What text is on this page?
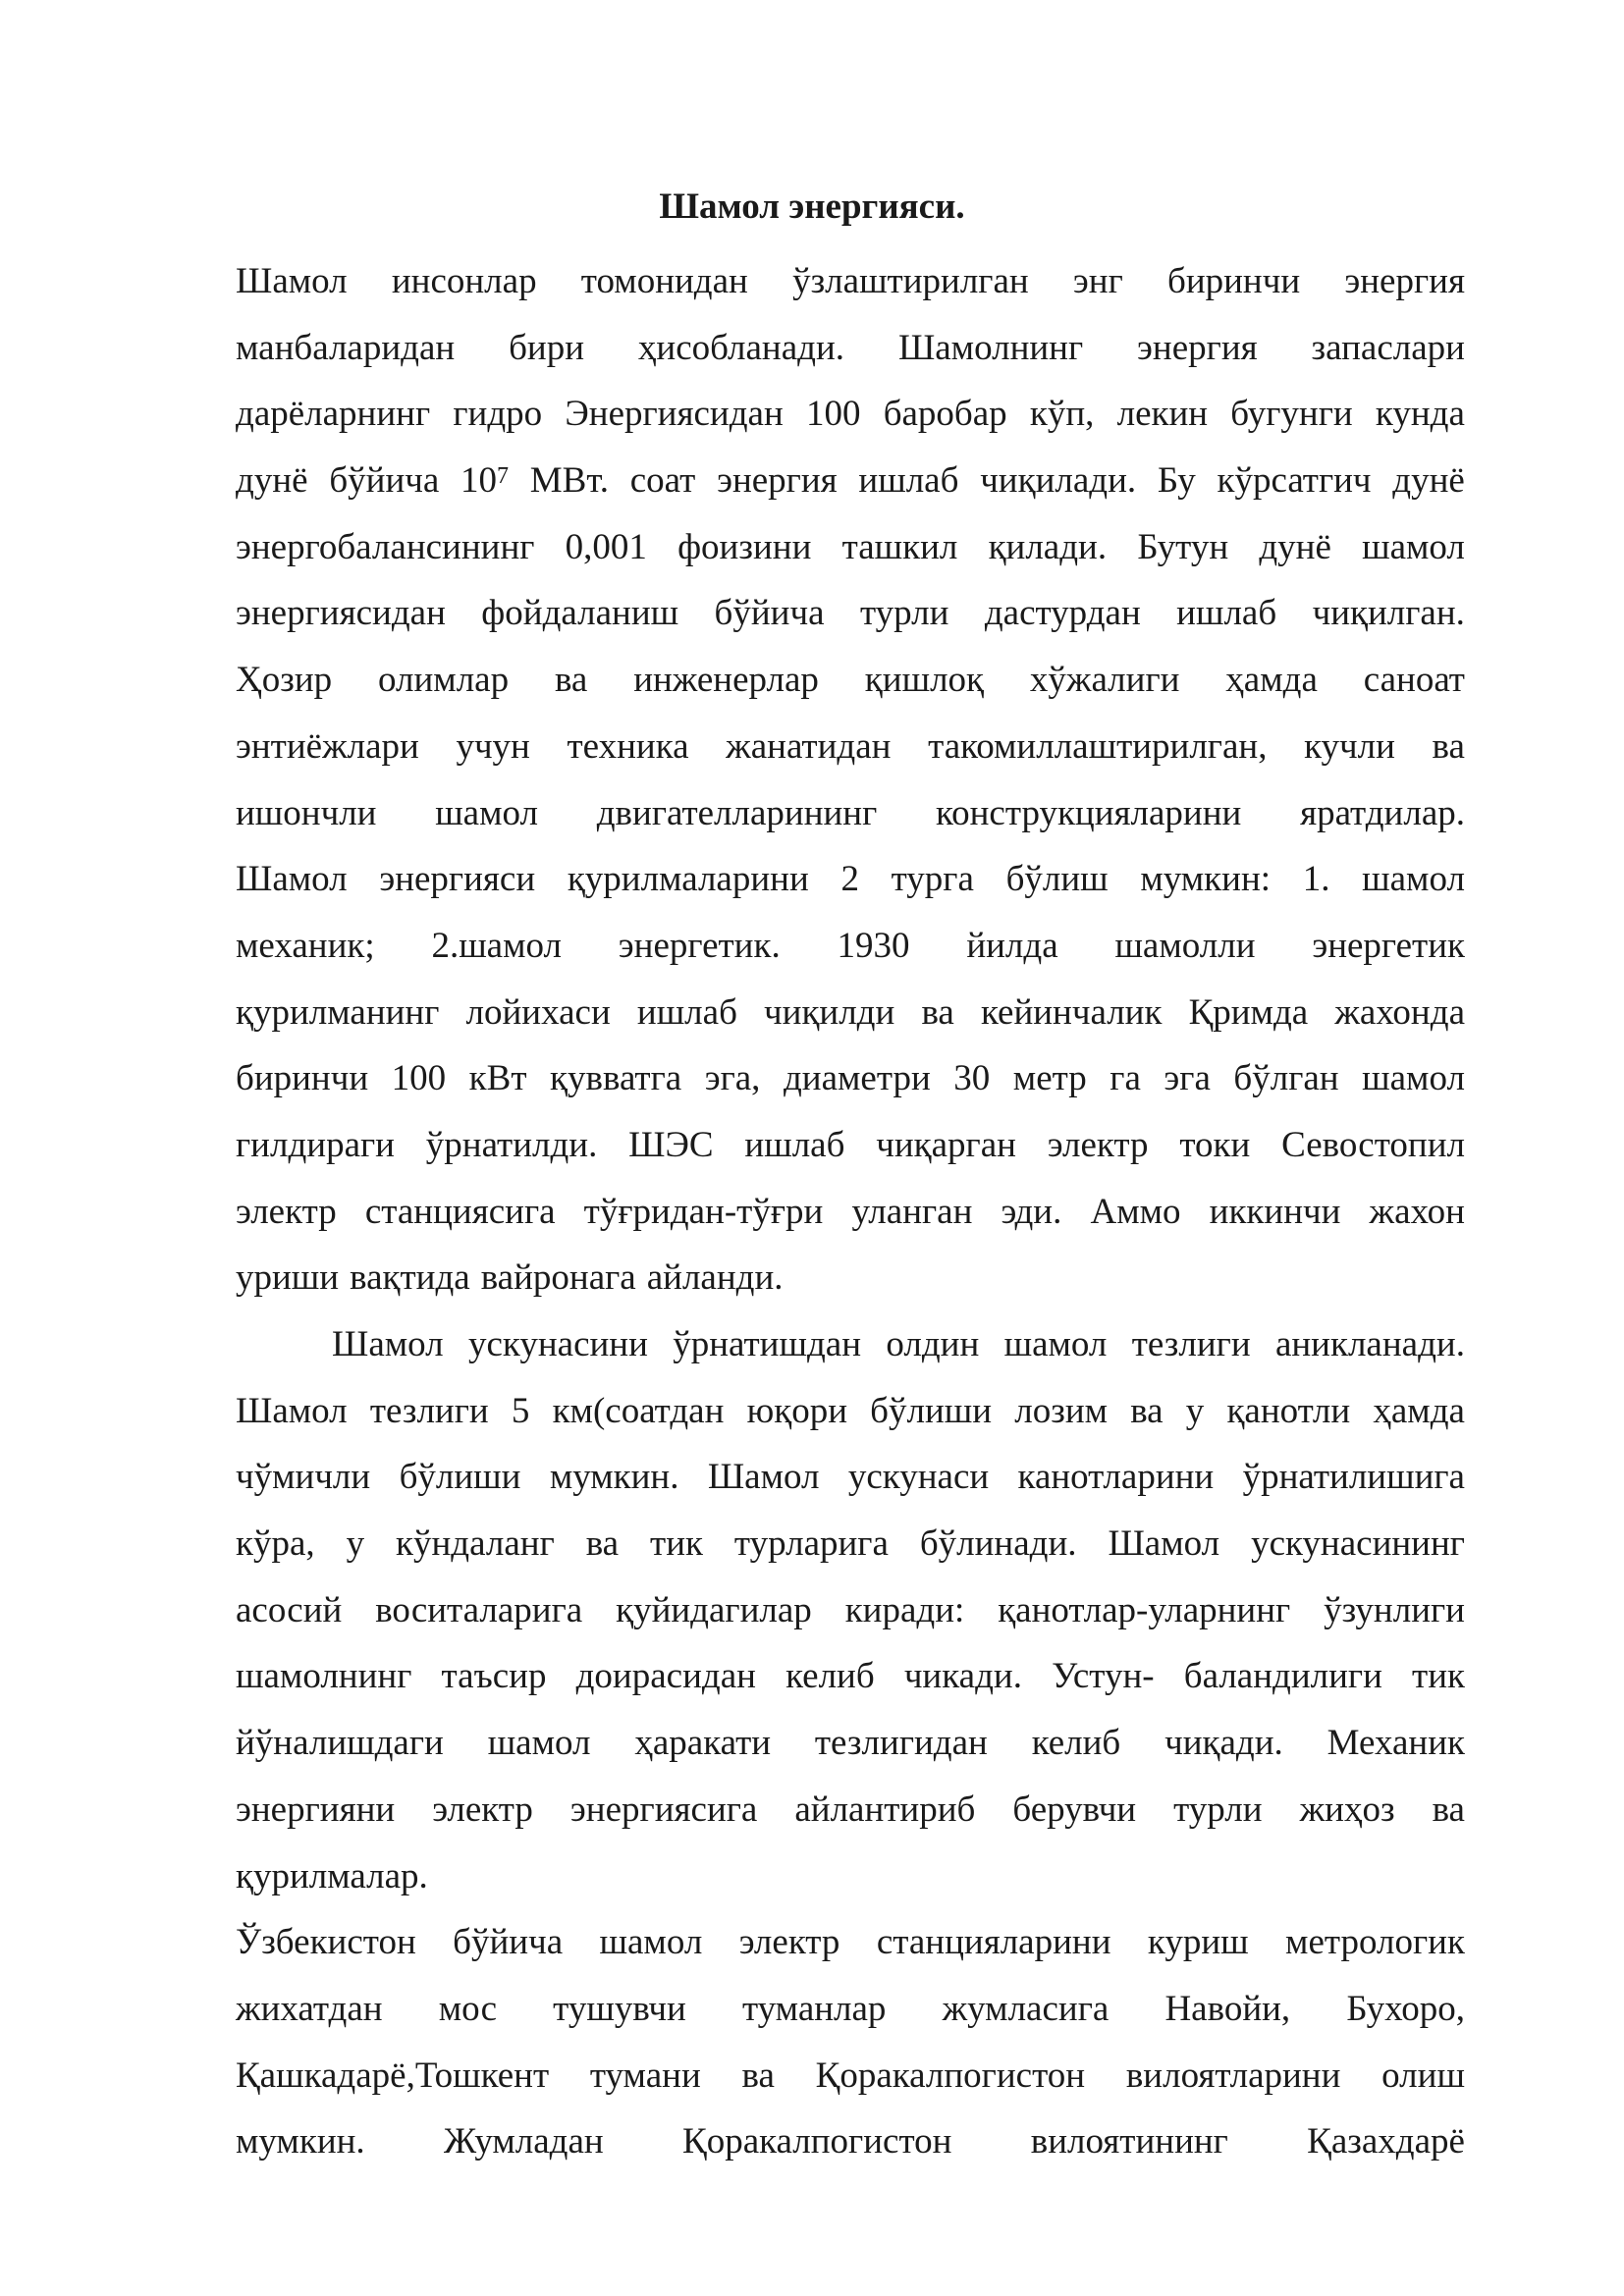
Шамол энергияси.
Шамол инсонлар томонидан ўзлаштирилган энг биринчи энергия
манбаларидан бири ҳисобланади. Шамолнинг энергия запаслари
дарёларнинг гидро Энергиясидан 100 баробар кўп, лекин бугунги кунда
дунё бўйича $10^7$ МВт. соат энергия ишлаб чиқилади. Бу кўрсатгич дунё
энергобалансининг 0,001 фоизини ташкил қилади. Бутун дунё шамол
энергиясидан фойдаланиш бўйича турли дастурдан ишлаб чиқилган.
Ҳозир олимлар ва инженерлар қишлоқ хўжалиги ҳамда саноат
энтиёжлари учун техника жанатидан такомиллаштирилган, кучли ва
ишончли шамол двигателларининг конструкцияларини яратдилар.
Шамол энергияси қурилмаларини 2 турга бўлиш мумкин: 1. шамол
механик; 2.шамол энергетик. 1930 йилда шамолли энергетик
қурилманинг лойихаси ишлаб чиқилди ва кейинчалик Қримда жахонда
биринчи 100 кВт қувватга эга, диаметри 30 метр га эга бўлган шамол
гилдираги ўрнатилди. ШЭС ишлаб чиқарган электр токи Севостопил
электр станциясига тўғридан-тўғри уланган эди. Аммо иккинчи жахон
уриши вақтида вайронага айланди.
Шамол ускунасини ўрнатишдан олдин шамол тезлиги аникланади.
Шамол тезлиги 5 км(соатдан юқори бўлиши лозим ва у қанотли ҳамда
чўмичли бўлиши мумкин. Шамол ускунаси канотларини ўрнатилишига
кўра, у кўндаланг ва тик турларига бўлинади. Шамол ускунасининг
асосий воситаларига қуйидагилар киради: қанотлар-уларнинг ўзунлиги
шамолнинг таъсир доирасидан келиб чикади. Устун- баландилиги тик
йўналишдаги шамол ҳаракати тезлигидан келиб чиқади. Механик
энергияни электр энергиясига айлантириб берувчи турли жиҳоз ва
қурилмалар.
Ўзбекистон бўйича шамол электр станцияларини куриш метрологик
жихатдан мос тушувчи туманлар жумласига Навойи, Бухоро,
Қашкадарё,Тошкент тумани ва Қоракалпогистон вилоятларини олиш
мумкин. Жумладан Қоракалпогистон вилоятининг Қазахдарё
